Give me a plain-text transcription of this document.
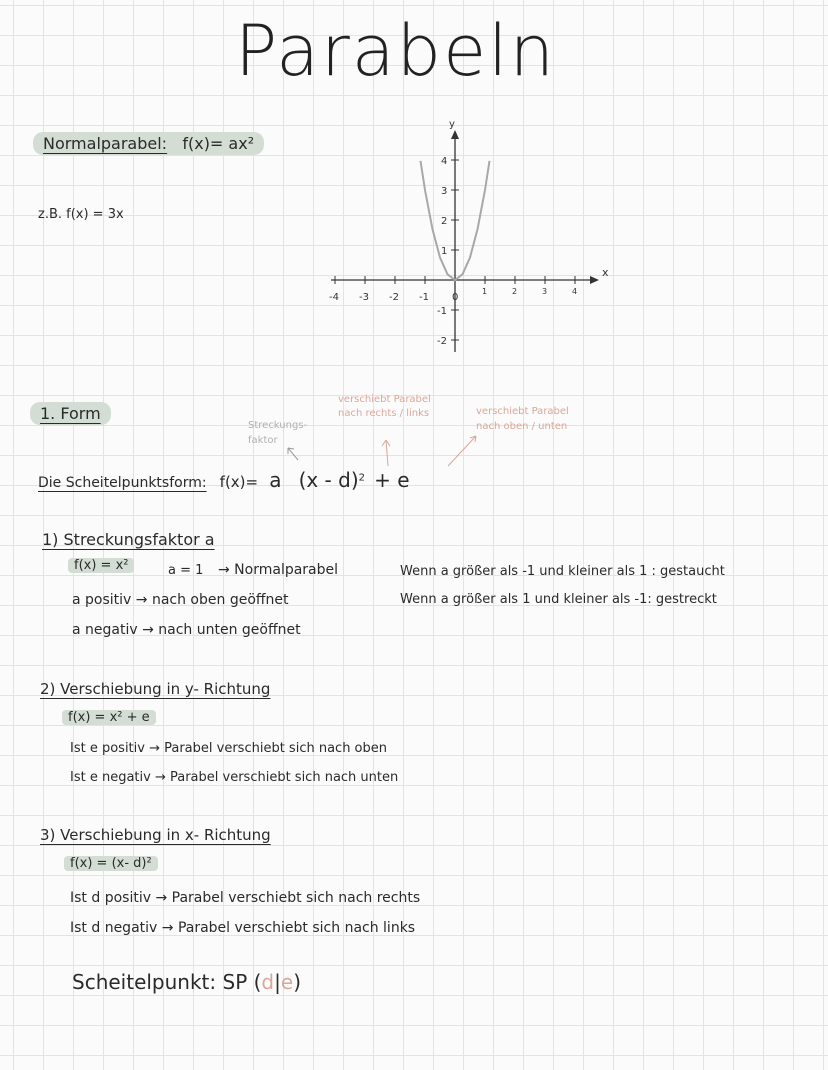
Parabeln
Normalparabel: f(x)= ax²
z.B. f(x) = 3x
x
y
-4 -3 -2 -1 0
1	2	3	4
4
3
2
1
-1
-2
1. Form
Streckungs-
faktor
verschiebt Parabel
nach rechts / links	verschiebt Parabel
nach oben / unten
Die Scheitelpunktsform: f(x)= a (x - d)$^2$ + e
1) Streckungsfaktor a
f(x) = x²	a = 1 → Normalparabel
a positiv → nach oben geöffnet
a negativ → nach unten geöffnet
Wenn a größer als -1 und kleiner als 1 : gestaucht
Wenn a größer als 1 und kleiner als -1: gestreckt
2) Verschiebung in y- Richtung
f(x) = x² + e
Ist e positiv → Parabel verschiebt sich nach oben
Ist e negativ → Parabel verschiebt sich nach unten
3) Verschiebung in x- Richtung
f(x) = (x- d)²
Ist d positiv → Parabel verschiebt sich nach rechts
Ist d negativ → Parabel verschiebt sich nach links
Scheitelpunkt: SP (d|e)
